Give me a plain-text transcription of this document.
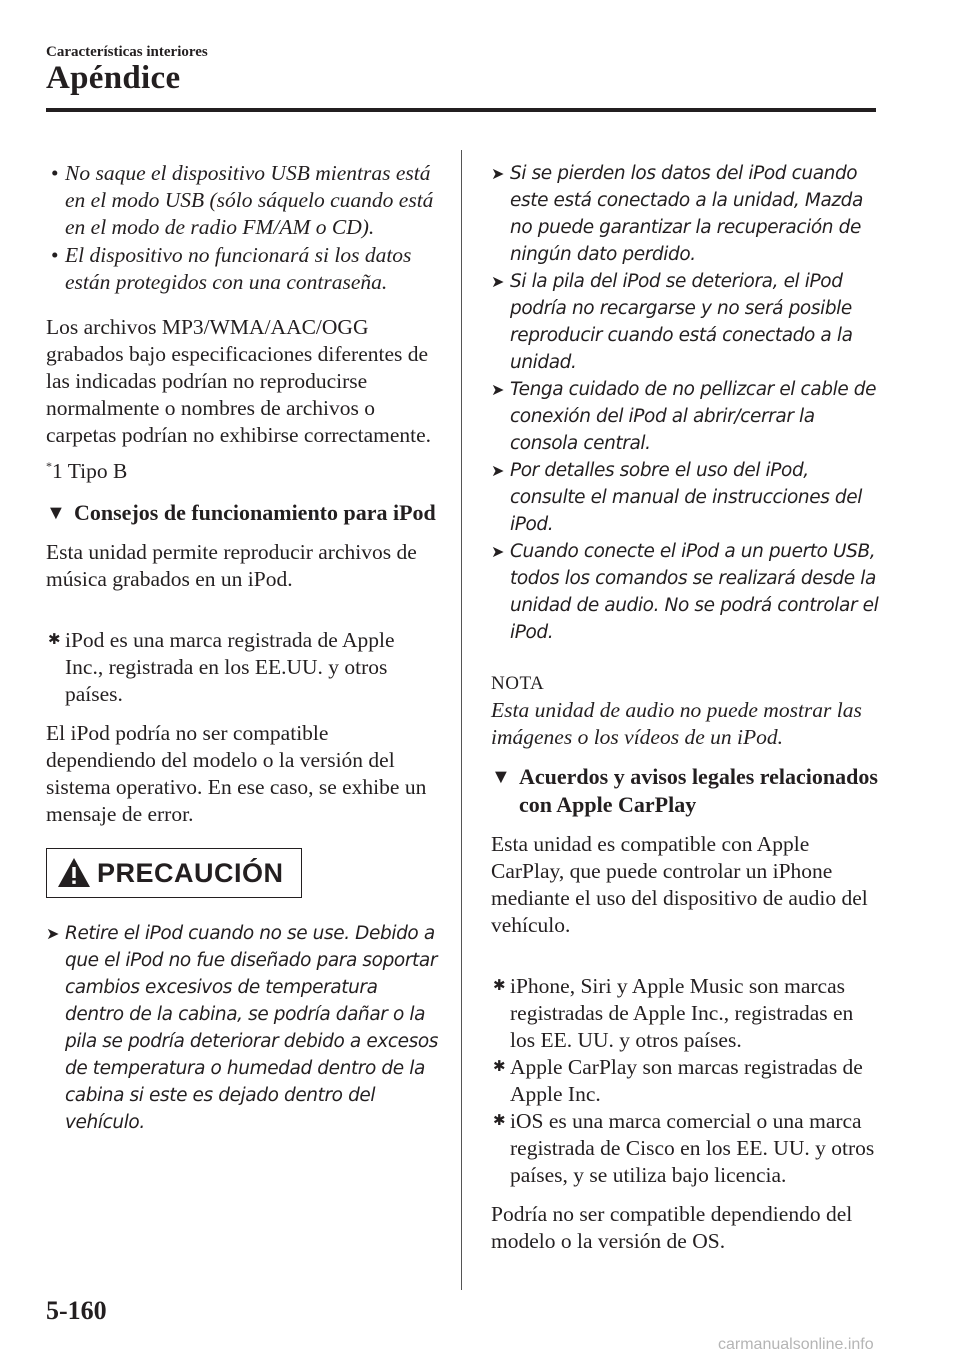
Características interiores
Apéndice
• No saque el dispositivo USB mientras está en el modo USB (sólo sáquelo cuando está en el modo de radio FM/AM o CD).
• El dispositivo no funcionará si los datos están protegidos con una contraseña.

Los archivos MP3/WMA/AAC/OGG grabados bajo especificaciones diferentes de las indicadas podrían no reproducirse normalmente o nombres de archivos o carpetas podrían no exhibirse correctamente.

*1 Tipo B

▼ Consejos de funcionamiento para iPod

Esta unidad permite reproducir archivos de música grabados en un iPod.

✱ iPod es una marca registrada de Apple Inc., registrada en los EE.UU. y otros países.

El iPod podría no ser compatible dependiendo del modelo o la versión del sistema operativo. En ese caso, se exhibe un mensaje de error.

PRECAUCIÓN
➤ Retire el iPod cuando no se use. Debido a que el iPod no fue diseñado para soportar cambios excesivos de temperatura dentro de la cabina, se podría dañar o la pila se podría deteriorar debido a excesos de temperatura o humedad dentro de la cabina si este es dejado dentro del vehículo.
➤ Si se pierden los datos del iPod cuando este está conectado a la unidad, Mazda no puede garantizar la recuperación de ningún dato perdido.
➤ Si la pila del iPod se deteriora, el iPod podría no recargarse y no será posible reproducir cuando está conectado a la unidad.
➤ Tenga cuidado de no pellizcar el cable de conexión del iPod al abrir/cerrar la consola central.
➤ Por detalles sobre el uso del iPod, consulte el manual de instrucciones del iPod.
➤ Cuando conecte el iPod a un puerto USB, todos los comandos se realizará desde la unidad de audio. No se podrá controlar el iPod.
NOTA

Esta unidad de audio no puede mostrar las imágenes o los vídeos de un iPod.

▼ Acuerdos y avisos legales relacionados con Apple CarPlay

Esta unidad es compatible con Apple CarPlay, que puede controlar un iPhone mediante el uso del dispositivo de audio del vehículo.

✱ iPhone, Siri y Apple Music son marcas registradas de Apple Inc., registradas en los EE. UU. y otros países.
✱ Apple CarPlay son marcas registradas de Apple Inc.
✱ iOS es una marca comercial o una marca registrada de Cisco en los EE. UU. y otros países, y se utiliza bajo licencia.

Podría no ser compatible dependiendo del modelo o la versión de OS.

5-160
carmanualsonline.info
